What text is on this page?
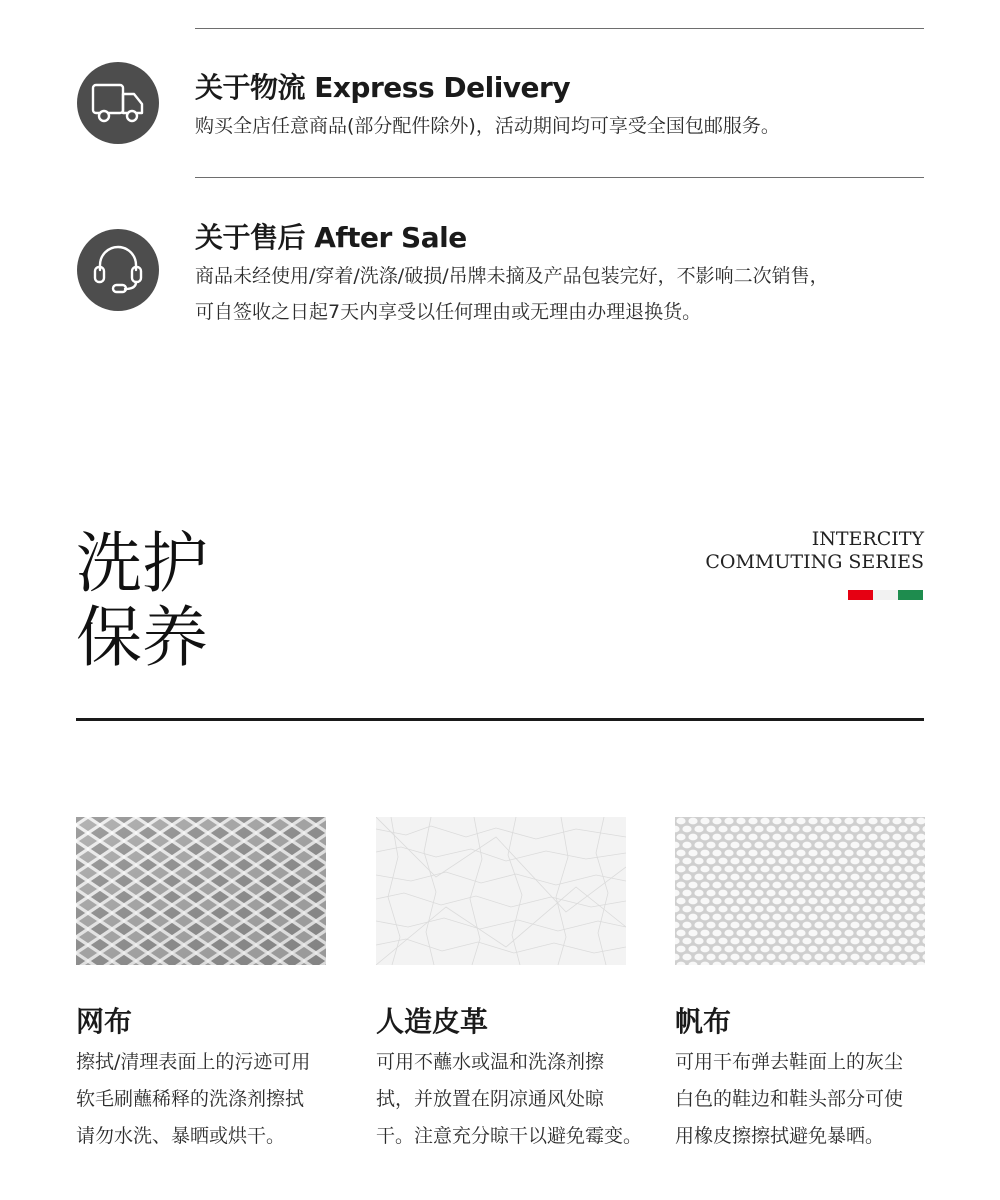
关于物流 Express Delivery
购买全店任意商品(部分配件除外)，活动期间均可享受全国包邮服务。
关于售后 After Sale
商品未经使用/穿着/洗涤/破损/吊牌未摘及产品包装完好，不影响二次销售，
可自签收之日起7天内享受以任何理由或无理由办理退换货。
洗护
保养
INTERCITY
COMMUTING SERIES
网布
擦拭/清理表面上的污迹可用
软毛刷蘸稀释的洗涤剂擦拭
请勿水洗、暴晒或烘干。
人造皮革
可用不蘸水或温和洗涤剂擦
拭，并放置在阴凉通风处晾
干。注意充分晾干以避免霉变。
帆布
可用干布弹去鞋面上的灰尘
白色的鞋边和鞋头部分可使
用橡皮擦擦拭避免暴晒。
